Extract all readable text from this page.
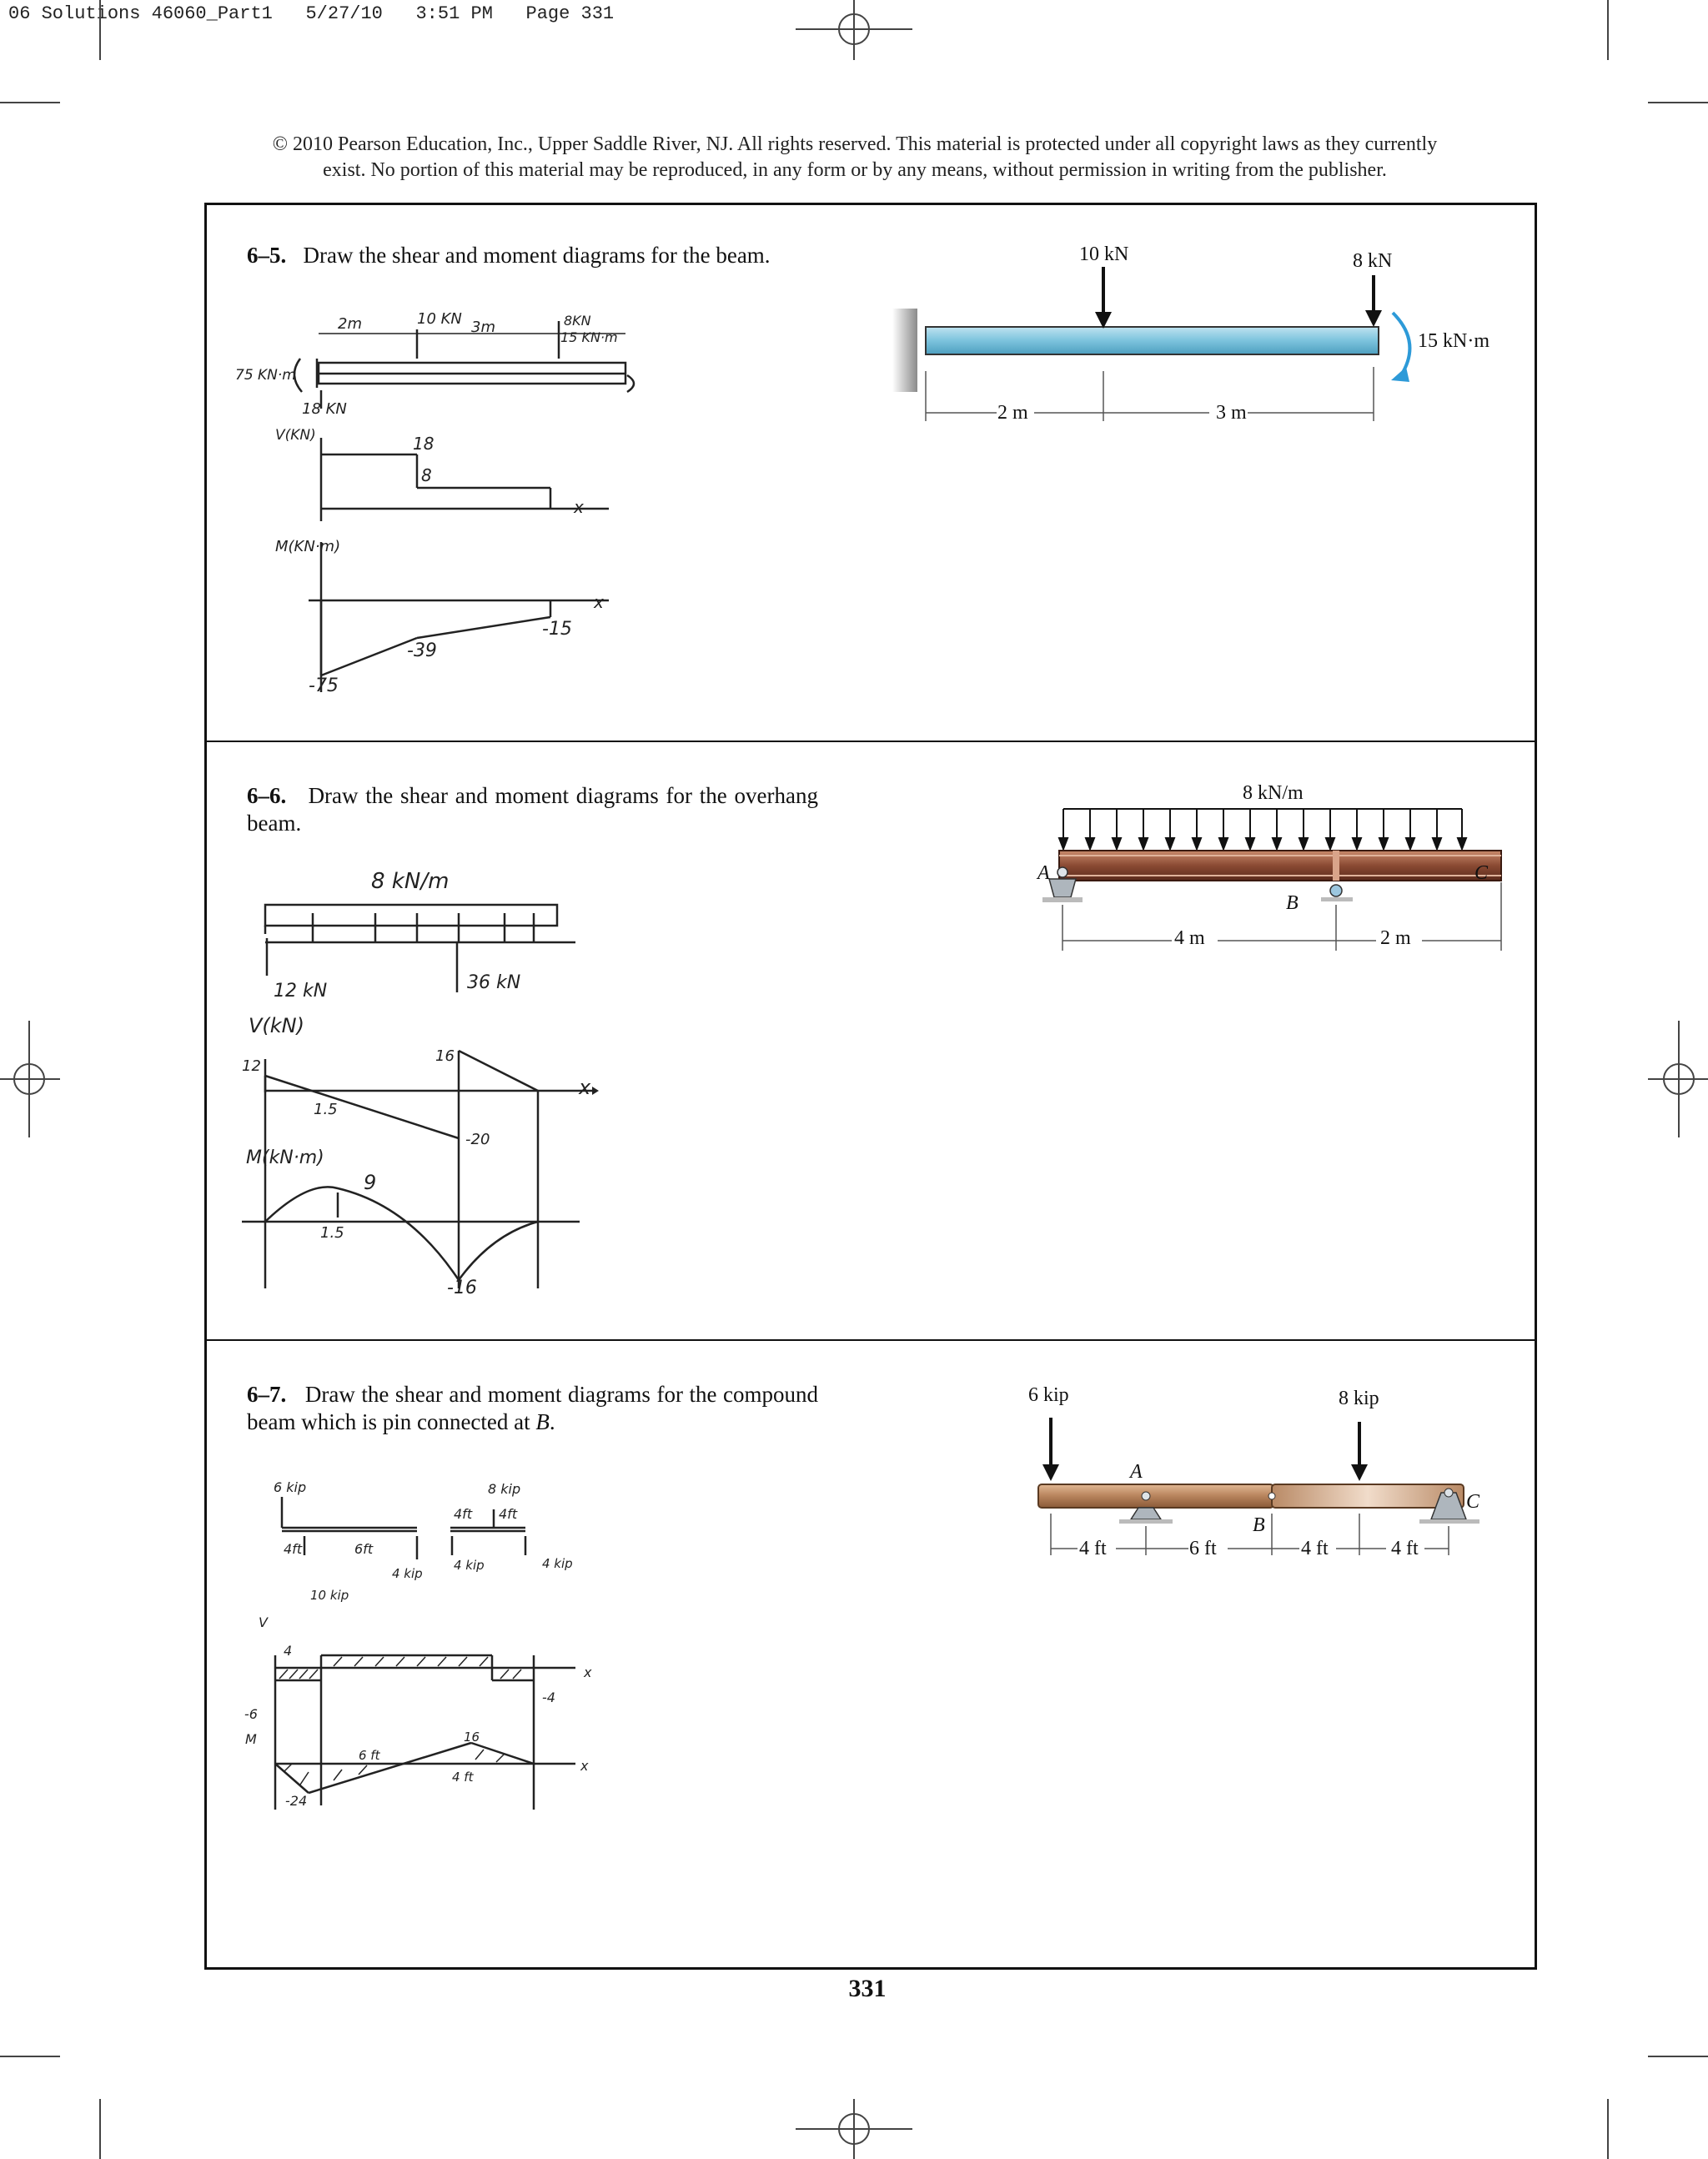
06 Solutions 46060_Part1   5/27/10   3:51 PM   Page 331
© 2010 Pearson Education, Inc., Upper Saddle River, NJ. All rights reserved. This material is protected under all copyright laws as they currently
exist. No portion of this material may be reproduced, in any form or by any means, without permission in writing from the publisher.
6–5. Draw the shear and moment diagrams for the beam.	10 kN	8 kN
15 kN·m
2 m	3 m
2m	10 KN 3m	8KN
15 KN·m
75 KN·m
18 KN
V(KN)	18
8
x
M(KN·m)
x
-15
-39
-75
6–6. Draw the shear and moment diagrams for the overhang beam.
8 kN/m
A
B
C
4 m	2 m
8 kN/m
12 kN	36 kN
V(kN)
12
16
1.5
-20
x
M(kN·m)
9
1.5
-16
6–7. Draw the shear and moment diagrams for the compound beam which is pin connected at B.
6 kip	8 kip
A
B
C
4 ft	6 ft	4 ft	4 ft
6 kip	8 kip
4ft 4ft
4ft	6ft
4 kip
4 kip	4 kip
10 kip
V
4
-6
-4
x
M	16
6 ft
x
4 ft
-24
331
